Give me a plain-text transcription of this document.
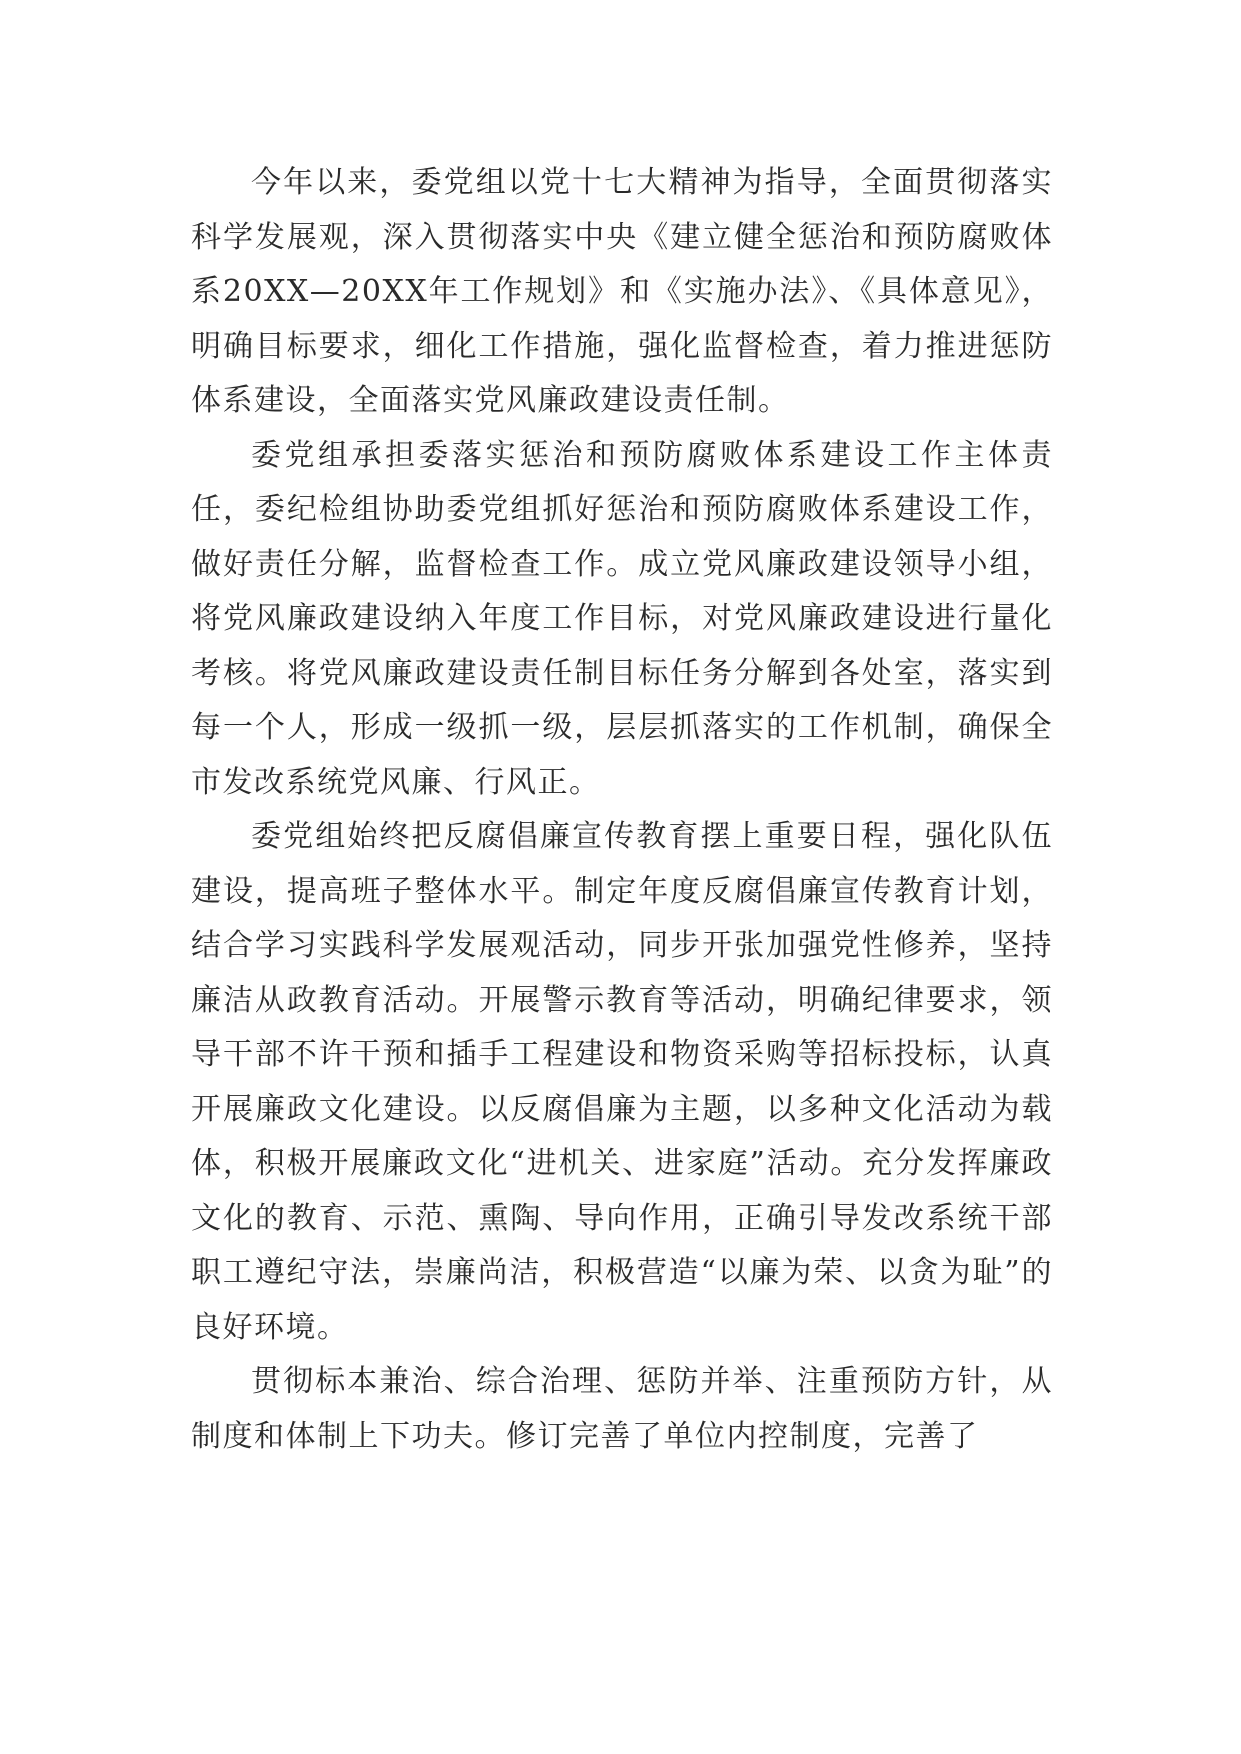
今年以来，委党组以党十七大精神为指导，全面贯彻落实科学发展观，深入贯彻落实中央《建立健全惩治和预防腐败体系20XX—20XX年工作规划》和《实施办法》、《具体意见》，明确目标要求，细化工作措施，强化监督检查，着力推进惩防体系建设，全面落实党风廉政建设责任制。

委党组承担委落实惩治和预防腐败体系建设工作主体责任，委纪检组协助委党组抓好惩治和预防腐败体系建设工作，做好责任分解，监督检查工作。成立党风廉政建设领导小组，将党风廉政建设纳入年度工作目标，对党风廉政建设进行量化考核。将党风廉政建设责任制目标任务分解到各处室，落实到每一个人，形成一级抓一级，层层抓落实的工作机制，确保全市发改系统党风廉、行风正。

委党组始终把反腐倡廉宣传教育摆上重要日程，强化队伍建设，提高班子整体水平。制定年度反腐倡廉宣传教育计划，结合学习实践科学发展观活动，同步开张加强党性修养，坚持廉洁从政教育活动。开展警示教育等活动，明确纪律要求，领导干部不许干预和插手工程建设和物资采购等招标投标，认真开展廉政文化建设。以反腐倡廉为主题，以多种文化活动为载体，积极开展廉政文化“进机关、进家庭”活动。充分发挥廉政文化的教育、示范、熏陶、导向作用，正确引导发改系统干部职工遵纪守法，崇廉尚洁，积极营造“以廉为荣、以贪为耻”的良好环境。

贯彻标本兼治、综合治理、惩防并举、注重预防方针，从制度和体制上下功夫。修订完善了单位内控制度，完善了
